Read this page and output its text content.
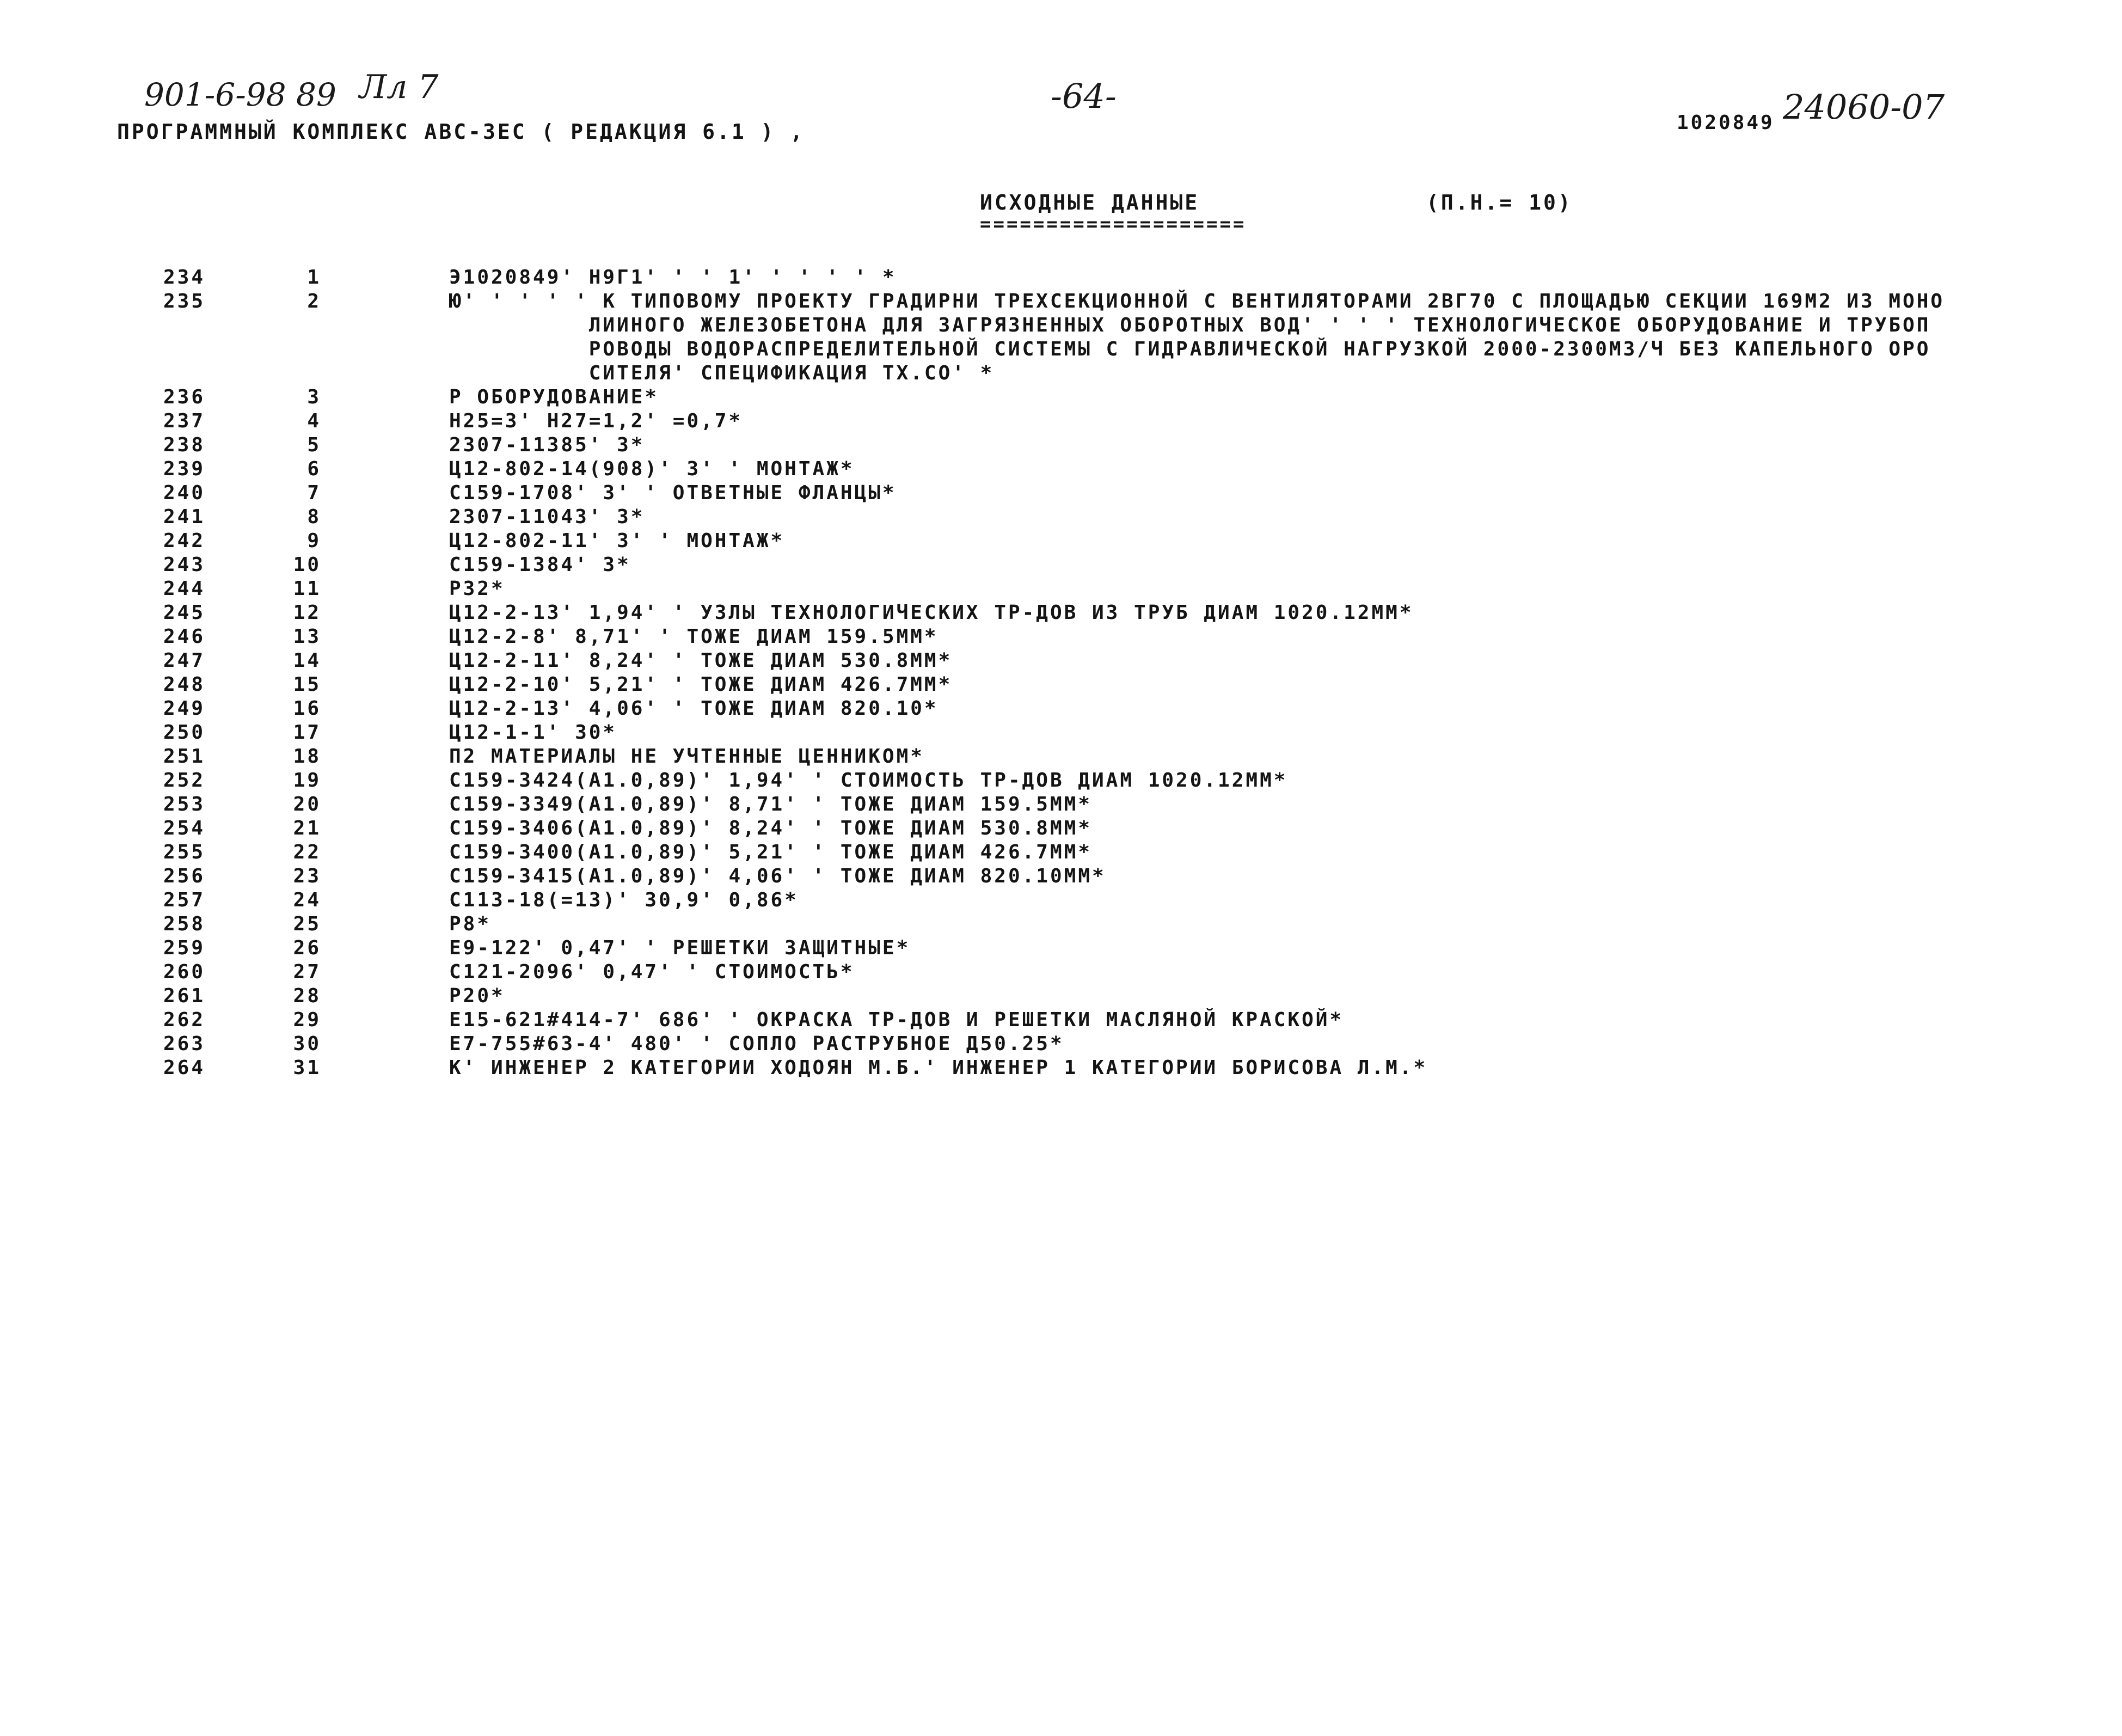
901-6-98 89 Лл 7	-64-	24060-07
ПРОГРАММНЫЙ КОМПЛЕКС АВС-3ЕС ( РЕДАКЦИЯ 6.1 ) ,	1020849
ИСХОДНЫЕ ДАННЫЕ
====================
(П.Н.= 10)
234	1	Э1020849' Н9Г1' ' ' 1' ' ' ' ' *
235	2	Ю' ' ' ' ' К ТИПОВОМУ ПРОЕКТУ ГРАДИРНИ ТРЕХСЕКЦИОННОЙ С ВЕНТИЛЯТОРАМИ 2ВГ70 С ПЛОЩАДЬЮ СЕКЦИИ 169М2 ИЗ МОНО
ЛИИНОГО ЖЕЛЕЗОБЕТОНА ДЛЯ ЗАГРЯЗНЕННЫХ ОБОРОТНЫХ ВОД' ' ' ' ТЕХНОЛОГИЧЕСКОЕ ОБОРУДОВАНИЕ И ТРУБОП
РОВОДЫ ВОДОРАСПРЕДЕЛИТЕЛЬНОЙ СИСТЕМЫ С ГИДРАВЛИЧЕСКОЙ НАГРУЗКОЙ 2000-2300М3/Ч БЕЗ КАПЕЛЬНОГО ОРО
СИТЕЛЯ' СПЕЦИФИКАЦИЯ ТХ.СО' *
236	3	Р ОБОРУДОВАНИЕ*
237	4	Н25=3' Н27=1,2' =0,7*
238	5	2307-11385' 3*
239	6	Ц12-802-14(908)' 3' ' МОНТАЖ*
240	7	С159-1708' 3' ' ОТВЕТНЫЕ ФЛАНЦЫ*
241	8	2307-11043' 3*
242	9	Ц12-802-11' 3' ' МОНТАЖ*
243	10	С159-1384' 3*
244	11	Р32*
245	12	Ц12-2-13' 1,94' ' УЗЛЫ ТЕХНОЛОГИЧЕСКИХ ТР-ДОВ ИЗ ТРУБ ДИАМ 1020.12ММ*
246	13	Ц12-2-8' 8,71' ' ТОЖЕ ДИАМ 159.5ММ*
247	14	Ц12-2-11' 8,24' ' ТОЖЕ ДИАМ 530.8ММ*
248	15	Ц12-2-10' 5,21' ' ТОЖЕ ДИАМ 426.7ММ*
249	16	Ц12-2-13' 4,06' ' ТОЖЕ ДИАМ 820.10*
250	17	Ц12-1-1' 30*
251	18	П2 МАТЕРИАЛЫ НЕ УЧТЕННЫЕ ЦЕННИКОМ*
252	19	С159-3424(А1.0,89)' 1,94' ' СТОИМОСТЬ ТР-ДОВ ДИАМ 1020.12ММ*
253	20	С159-3349(А1.0,89)' 8,71' ' ТОЖЕ ДИАМ 159.5ММ*
254	21	С159-3406(А1.0,89)' 8,24' ' ТОЖЕ ДИАМ 530.8ММ*
255	22	С159-3400(А1.0,89)' 5,21' ' ТОЖЕ ДИАМ 426.7ММ*
256	23	С159-3415(А1.0,89)' 4,06' ' ТОЖЕ ДИАМ 820.10ММ*
257	24	С113-18(=13)' 30,9' 0,86*
258	25	Р8*
259	26	Е9-122' 0,47' ' РЕШЕТКИ ЗАЩИТНЫЕ*
260	27	С121-2096' 0,47' ' СТОИМОСТЬ*
261	28	Р20*
262	29	Е15-621#414-7' 686' ' ОКРАСКА ТР-ДОВ И РЕШЕТКИ МАСЛЯНОЙ КРАСКОЙ*
263	30	Е7-755#63-4' 480' ' СОПЛО РАСТРУБНОЕ Д50.25*
264	31	К' ИНЖЕНЕР 2 КАТЕГОРИИ ХОДОЯН М.Б.' ИНЖЕНЕР 1 КАТЕГОРИИ БОРИСОВА Л.М.*
